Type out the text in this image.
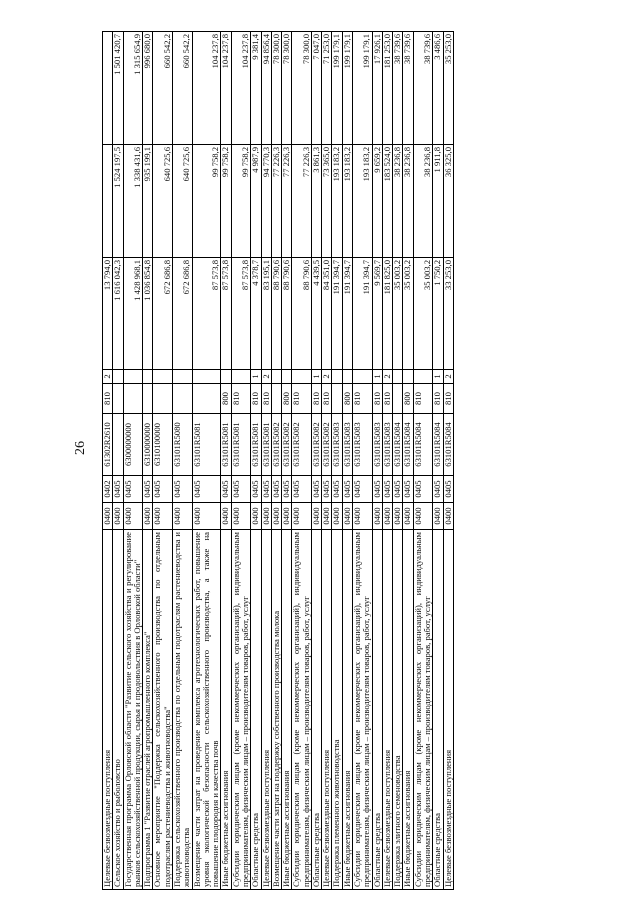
26
Целевые безвозмездные поступления	0400	0402	61302R2610	810	2	13 794,0		
Сельское хозяйство и рыболовство	0400	0405				1 616 042,3	1 524 197,5	1 501 420,7
Государственная программа Орловской области "Развитие сельского хозяйства и регулирование рынков сельскохозяйственной продукции, сырья и продовольствия в Орловской области"	0400	0405	6300000000			1 428 968,1	1 338 431,6	1 315 654,9
Подпрограмма 1 "Развитие отраслей агропромышленного комплекса"	0400	0405	6310000000			1 036 854,8	935 199,1	996 680,0
Основное мероприятие "Поддержка сельскохозяйственного производства по отдельным подотраслям растениеводства и животноводства"	0400	0405	6310100000			672 686,8	640 725,6	660 542,2
Поддержка сельскохозяйственного производства по отдельным подотраслям растениеводства и животноводства	0400	0405	63101R5080			672 686,8	640 725,6	660 542,2
Возмещение части затрат на проведение комплекса агротехнологических работ, повышение уровня экологической безопасности сельскохозяйственного производства, а также на повышение плодородия и качества почв	0400	0405	63101R5081			87 573,8	99 758,2	104 237,8
Иные бюджетные ассигнования	0400	0405	63101R5081	800		87 573,8	99 758,2	104 237,8
Субсидии юридическим лицам (кроме некоммерческих организаций), индивидуальным предпринимателям, физическим лицам – производителям товаров, работ, услуг	0400	0405	63101R5081	810		87 573,8	99 758,2	104 237,8
Областные средства	0400	0405	63101R5081	810	1	4 378,7	4 987,9	9 381,4
Целевые безвозмездные поступления	0400	0405	63101R5081	810	2	83 195,1	94 770,3	94 856,4
Возмещение части затрат на поддержку собственного производства молока	0400	0405	63101R5082			88 790,6	77 226,3	78 300,0
Иные бюджетные ассигнования	0400	0405	63101R5082	800		88 790,6	77 226,3	78 300,0
Субсидии юридическим лицам (кроме некоммерческих организаций), индивидуальным предпринимателям, физическим лицам – производителям товаров, работ, услуг	0400	0405	63101R5082	810		88 790,6	77 226,3	78 300,0
Областные средства	0400	0405	63101R5082	810	1	4 439,5	3 861,3	7 047,0
Целевые безвозмездные поступления	0400	0405	63101R5082	810	2	84 351,0	73 365,0	71 253,0
Поддержка племенного животноводства	0400	0405	63101R5083			191 394,7	193 183,2	199 179,1
Иные бюджетные ассигнования	0400	0405	63101R5083	800		191 394,7	193 183,2	199 179,1
Субсидии юридическим лицам (кроме некоммерческих организаций), индивидуальным предпринимателям, физическим лицам – производителям товаров, работ, услуг	0400	0405	63101R5083	810		191 394,7	193 183,2	199 179,1
Областные средства	0400	0405	63101R5083	810	1	9 569,7	9 659,2	17 926,1
Целевые безвозмездные поступления	0400	0405	63101R5083	810	2	181 825,0	183 524,0	181 253,0
Поддержка элитного семеноводства	0400	0405	63101R5084			35 003,2	38 236,8	38 739,6
Иные бюджетные ассигнования	0400	0405	63101R5084	800		35 003,2	38 236,8	38 739,6
Субсидии юридическим лицам (кроме некоммерческих организаций), индивидуальным предпринимателям, физическим лицам – производителям товаров, работ, услуг	0400	0405	63101R5084	810		35 003,2	38 236,8	38 739,6
Областные средства	0400	0405	63101R5084	810	1	1 750,2	1 911,8	3 486,6
Целевые безвозмездные поступления	0400	0405	63101R5084	810	2	33 253,0	36 325,0	35 253,0
